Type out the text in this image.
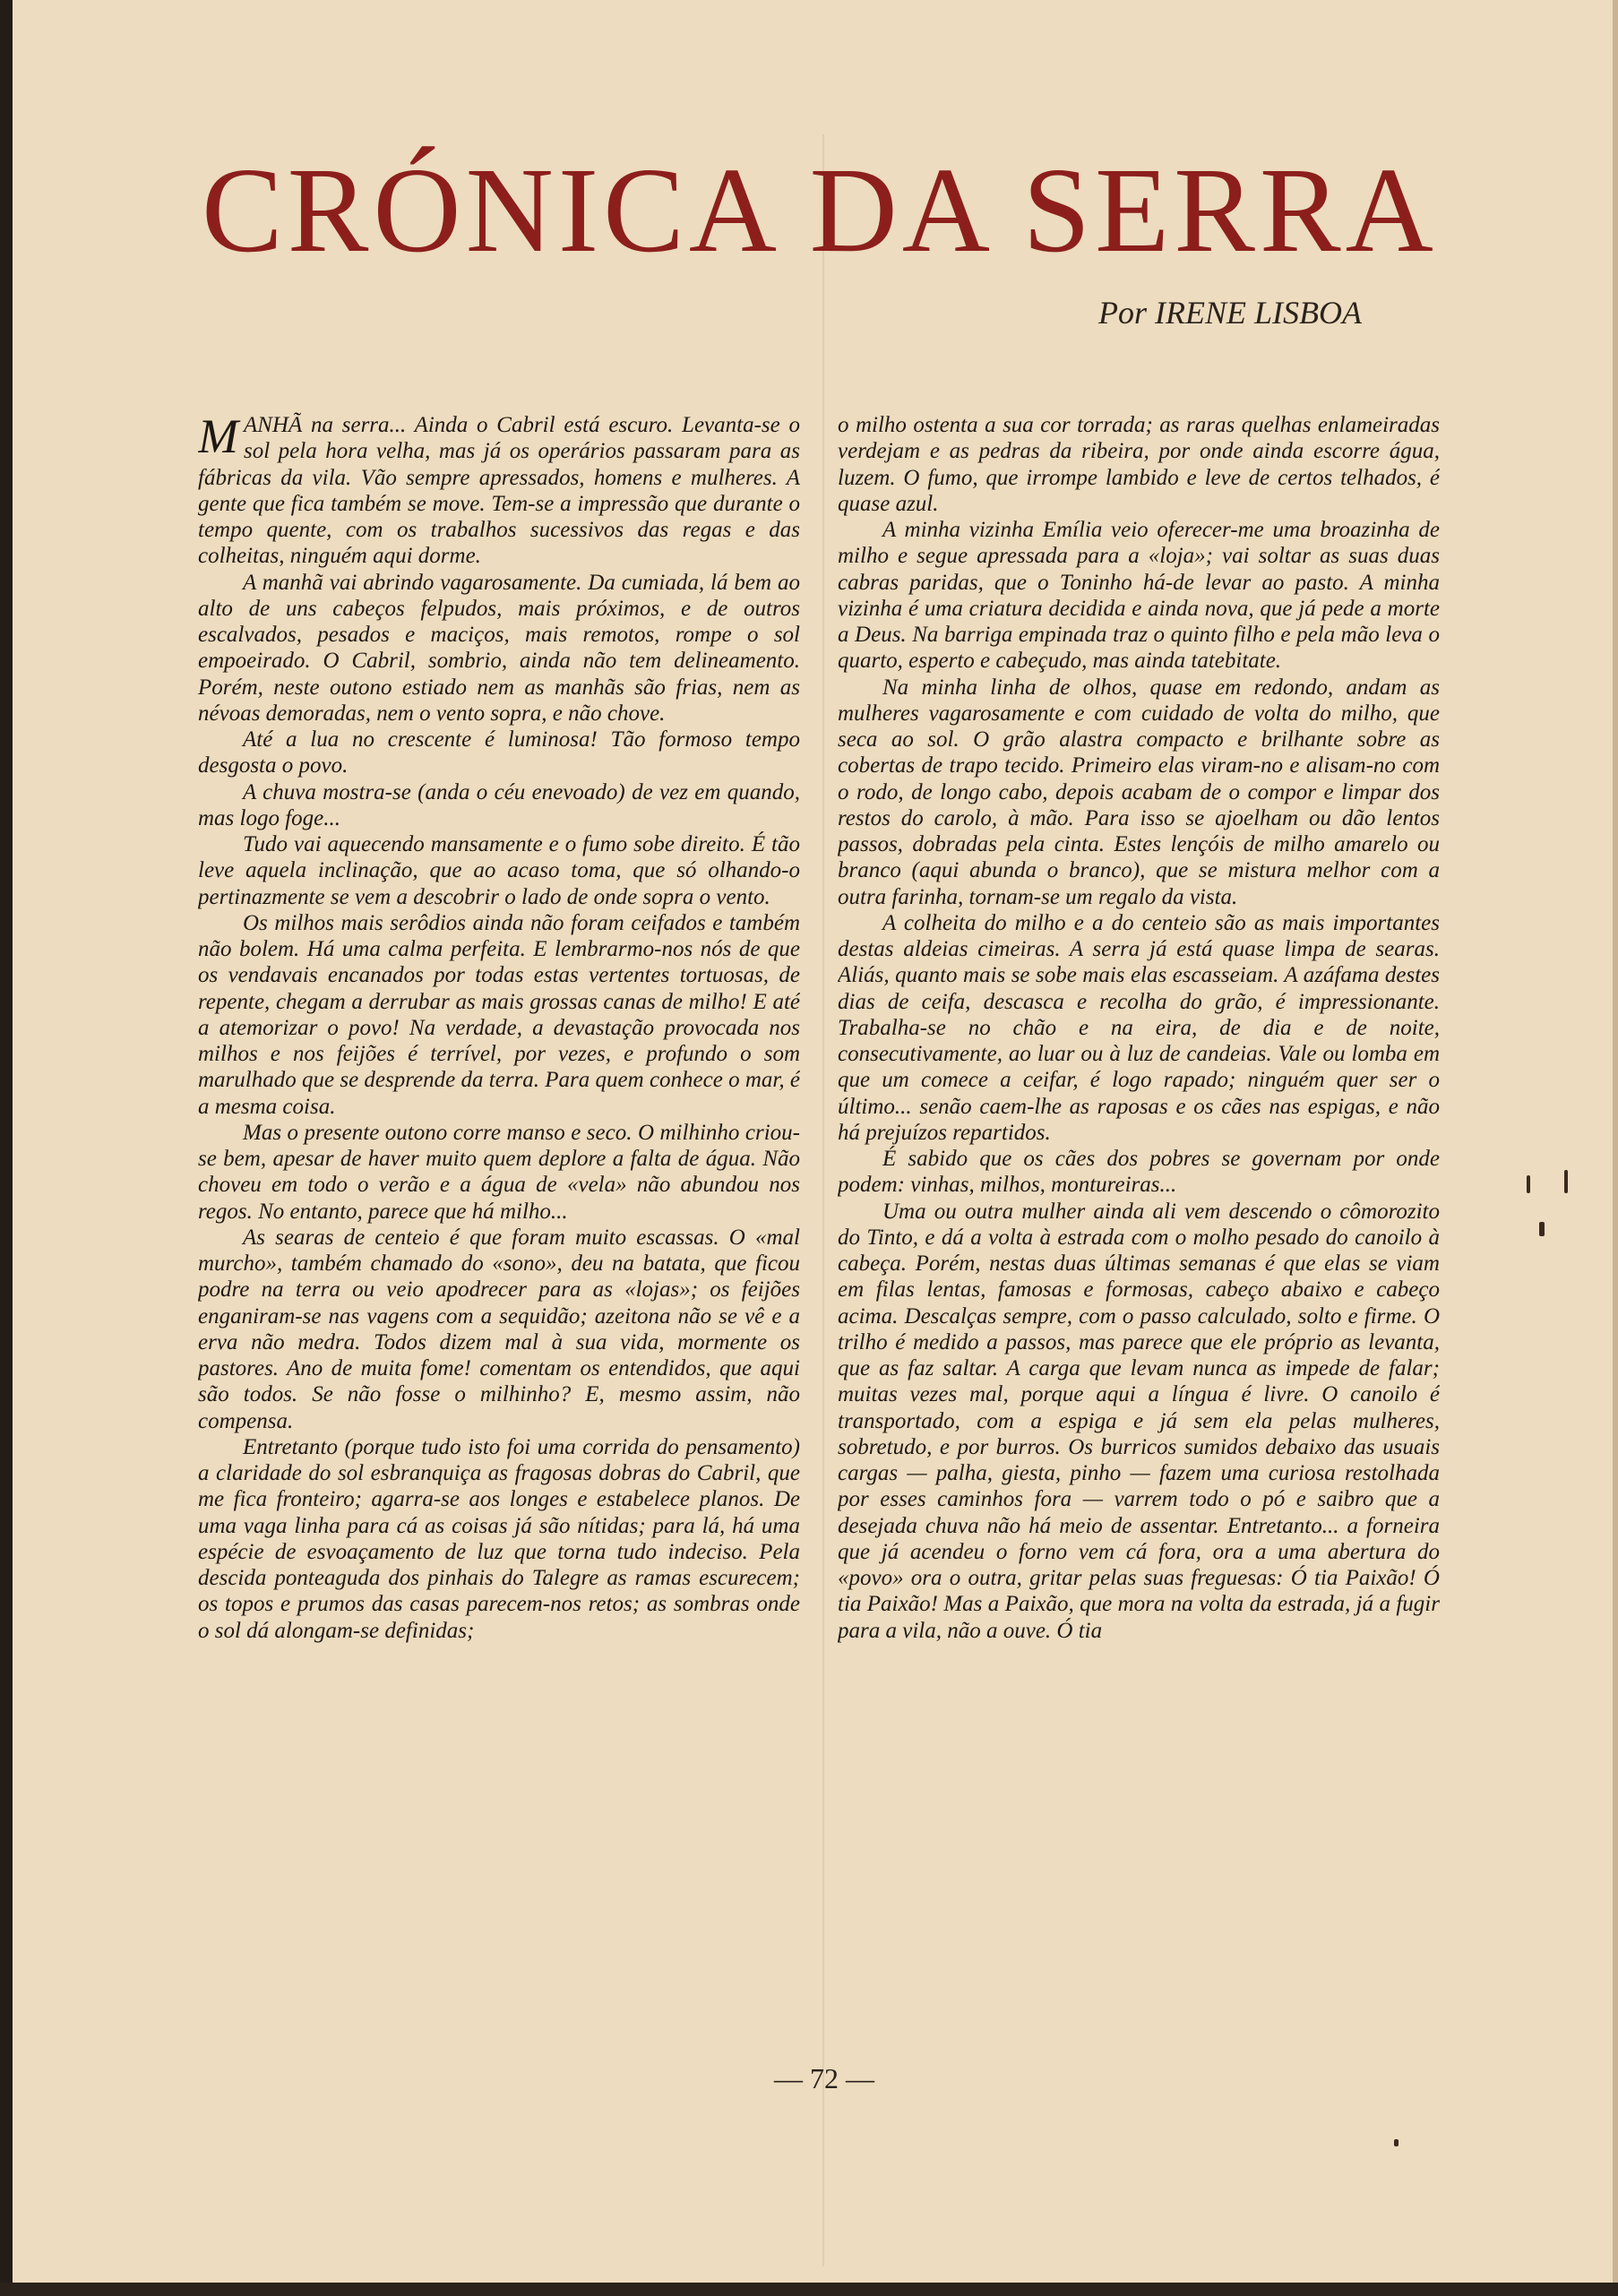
CRÓNICA DA SERRA
Por IRENE LISBOA

MANHÃ na serra... Ainda o Cabril está escuro. Levanta-se o sol pela hora velha, mas já os operários passaram para as fábricas da vila. Vão sempre apressados, homens e mulheres. A gente que fica também se move. Tem-se a impressão que durante o tempo quente, com os trabalhos sucessivos das regas e das colheitas, ninguém aqui dorme.

A manhã vai abrindo vagarosamente. Da cumiada, lá bem ao alto de uns cabeços felpudos, mais próximos, e de outros escalvados, pesados e maciços, mais remotos, rompe o sol empoeirado. O Cabril, sombrio, ainda não tem delineamento. Porém, neste outono estiado nem as manhãs são frias, nem as névoas demoradas, nem o vento sopra, e não chove.

Até a lua no crescente é luminosa! Tão formoso tempo desgosta o povo.

A chuva mostra-se (anda o céu enevoado) de vez em quando, mas logo foge...

Tudo vai aquecendo mansamente e o fumo sobe direito. É tão leve aquela inclinação, que ao acaso toma, que só olhando-o pertinazmente se vem a descobrir o lado de onde sopra o vento.

Os milhos mais serôdios ainda não foram ceifados e também não bolem. Há uma calma perfeita. E lembrarmo-nos nós de que os vendavais encanados por todas estas vertentes tortuosas, de repente, chegam a derrubar as mais grossas canas de milho! E até a atemorizar o povo! Na verdade, a devastação provocada nos milhos e nos feijões é terrível, por vezes, e profundo o som marulhado que se desprende da terra. Para quem conhece o mar, é a mesma coisa.

Mas o presente outono corre manso e seco. O milhinho criou-se bem, apesar de haver muito quem deplore a falta de água. Não choveu em todo o verão e a água de «vela» não abundou nos regos. No entanto, parece que há milho...

As searas de centeio é que foram muito escassas. O «mal murcho», também chamado do «sono», deu na batata, que ficou podre na terra ou veio apodrecer para as «lojas»; os feijões enganiram-se nas vagens com a sequidão; azeitona não se vê e a erva não medra. Todos dizem mal à sua vida, mormente os pastores. Ano de muita fome! comentam os entendidos, que aqui são todos. Se não fosse o milhinho? E, mesmo assim, não compensa.

Entretanto (porque tudo isto foi uma corrida do pensamento) a claridade do sol esbranquiça as fragosas dobras do Cabril, que me fica fronteiro; agarra-se aos longes e estabelece planos. De uma vaga linha para cá as coisas já são nítidas; para lá, há uma espécie de esvoaçamento de luz que torna tudo indeciso. Pela descida ponteaguda dos pinhais do Talegre as ramas escurecem; os topos e prumos das casas parecem-nos retos; as sombras onde o sol dá alongam-se definidas;

o milho ostenta a sua cor torrada; as raras quelhas enlameiradas verdejam e as pedras da ribeira, por onde ainda escorre água, luzem. O fumo, que irrompe lambido e leve de certos telhados, é quase azul.

A minha vizinha Emília veio oferecer-me uma broazinha de milho e segue apressada para a «loja»; vai soltar as suas duas cabras paridas, que o Toninho há-de levar ao pasto. A minha vizinha é uma criatura decidida e ainda nova, que já pede a morte a Deus. Na barriga empinada traz o quinto filho e pela mão leva o quarto, esperto e cabeçudo, mas ainda tatebitate.

Na minha linha de olhos, quase em redondo, andam as mulheres vagarosamente e com cuidado de volta do milho, que seca ao sol. O grão alastra compacto e brilhante sobre as cobertas de trapo tecido. Primeiro elas viram-no e alisam-no com o rodo, de longo cabo, depois acabam de o compor e limpar dos restos do carolo, à mão. Para isso se ajoelham ou dão lentos passos, dobradas pela cinta. Estes lençóis de milho amarelo ou branco (aqui abunda o branco), que se mistura melhor com a outra farinha, tornam-se um regalo da vista.

A colheita do milho e a do centeio são as mais importantes destas aldeias cimeiras. A serra já está quase limpa de searas. Aliás, quanto mais se sobe mais elas escasseiam. A azáfama destes dias de ceifa, descasca e recolha do grão, é impressionante. Trabalha-se no chão e na eira, de dia e de noite, consecutivamente, ao luar ou à luz de candeias. Vale ou lomba em que um comece a ceifar, é logo rapado; ninguém quer ser o último... senão caem-lhe as raposas e os cães nas espigas, e não há prejuízos repartidos.

É sabido que os cães dos pobres se governam por onde podem: vinhas, milhos, montureiras...

Uma ou outra mulher ainda ali vem descendo o cômorozito do Tinto, e dá a volta à estrada com o molho pesado do canoilo à cabeça. Porém, nestas duas últimas semanas é que elas se viam em filas lentas, famosas e formosas, cabeço abaixo e cabeço acima. Descalças sempre, com o passo calculado, solto e firme. O trilho é medido a passos, mas parece que ele próprio as levanta, que as faz saltar. A carga que levam nunca as impede de falar; muitas vezes mal, porque aqui a língua é livre. O canoilo é transportado, com a espiga e já sem ela pelas mulheres, sobretudo, e por burros. Os burricos sumidos debaixo das usuais cargas — palha, giesta, pinho — fazem uma curiosa restolhada por esses caminhos fora — varrem todo o pó e saibro que a desejada chuva não há meio de assentar. Entretanto... a forneira que já acendeu o forno vem cá fora, ora a uma abertura do «povo» ora o outra, gritar pelas suas freguesas: Ó tia Paixão! Ó tia Paixão! Mas a Paixão, que mora na volta da estrada, já a fugir para a vila, não a ouve. Ó tia

— 72 —
